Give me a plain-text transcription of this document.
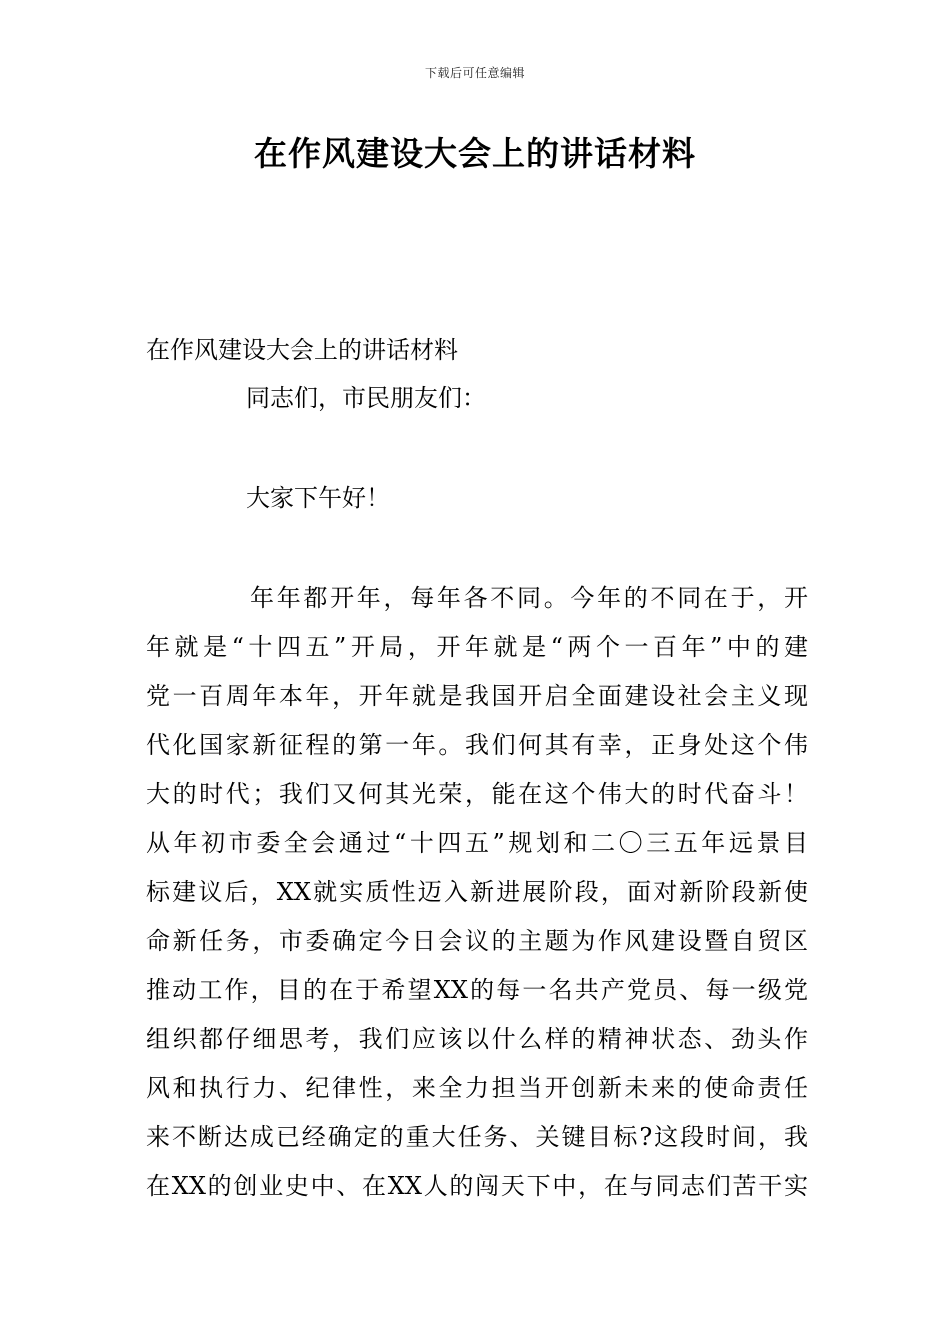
下载后可任意编辑
在作风建设大会上的讲话材料
在作风建设大会上的讲话材料
同志们，市民朋友们：
大家下午好！
年年都开年，每年各不同。今年的不同在于，开
年就是“十四五”开局，开年就是“两个一百年”中的建
党一百周年本年，开年就是我国开启全面建设社会主义现
代化国家新征程的第一年。我们何其有幸，正身处这个伟
大的时代；我们又何其光荣，能在这个伟大的时代奋斗！
从年初市委全会通过“十四五”规划和二〇三五年远景目
标建议后，XX就实质性迈入新进展阶段，面对新阶段新使
命新任务，市委确定今日会议的主题为作风建设暨自贸区
推动工作，目的在于希望XX的每一名共产党员、每一级党
组织都仔细思考，我们应该以什么样的精神状态、劲头作
风和执行力、纪律性，来全力担当开创新未来的使命责任
来不断达成已经确定的重大任务、关键目标?这段时间，我
在XX的创业史中、在XX人的闯天下中，在与同志们苦干实
